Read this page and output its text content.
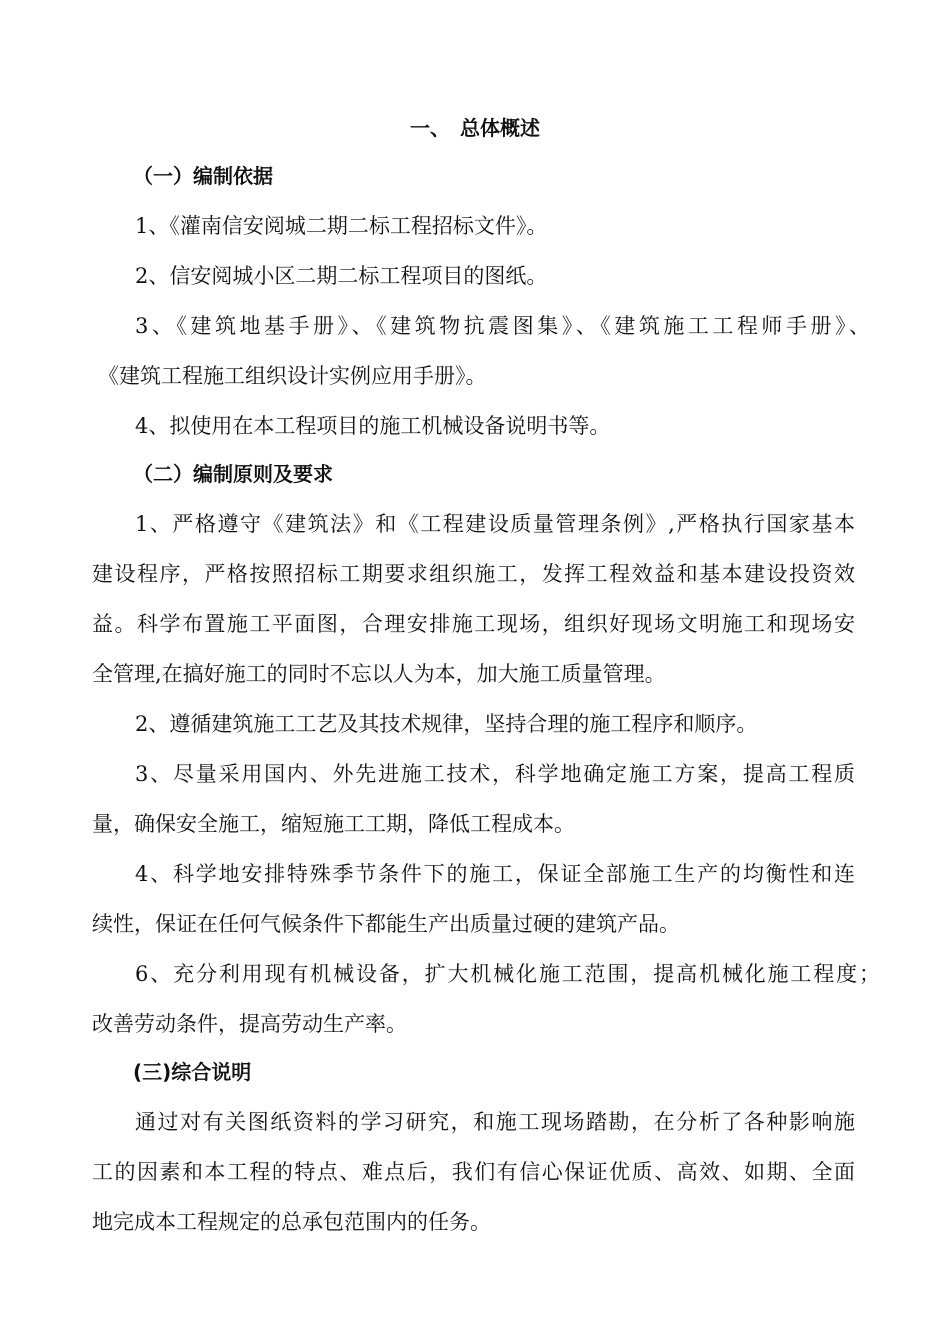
一、　总体概述
（一）编制依据
1、《灌南信安阅城二期二标工程招标文件》。
2、信安阅城小区二期二标工程项目的图纸。
3、《建筑地基手册》、《建筑物抗震图集》、《建筑施工工程师手册》、
《建筑工程施工组织设计实例应用手册》。
4、拟使用在本工程项目的施工机械设备说明书等。
（二）编制原则及要求
1、严格遵守《建筑法》和《工程建设质量管理条例》,严格执行国家基本
建设程序，严格按照招标工期要求组织施工，发挥工程效益和基本建设投资效
益。科学布置施工平面图，合理安排施工现场，组织好现场文明施工和现场安
全管理,在搞好施工的同时不忘以人为本，加大施工质量管理。
2、遵循建筑施工工艺及其技术规律，坚持合理的施工程序和顺序。
3、尽量采用国内、外先进施工技术，科学地确定施工方案，提高工程质
量，确保安全施工，缩短施工工期，降低工程成本。
4、科学地安排特殊季节条件下的施工，保证全部施工生产的均衡性和连
续性，保证在任何气候条件下都能生产出质量过硬的建筑产品。
6、充分利用现有机械设备，扩大机械化施工范围，提高机械化施工程度；
改善劳动条件，提高劳动生产率。
(三)综合说明
通过对有关图纸资料的学习研究，和施工现场踏勘，在分析了各种影响施
工的因素和本工程的特点、难点后，我们有信心保证优质、高效、如期、全面
地完成本工程规定的总承包范围内的任务。
